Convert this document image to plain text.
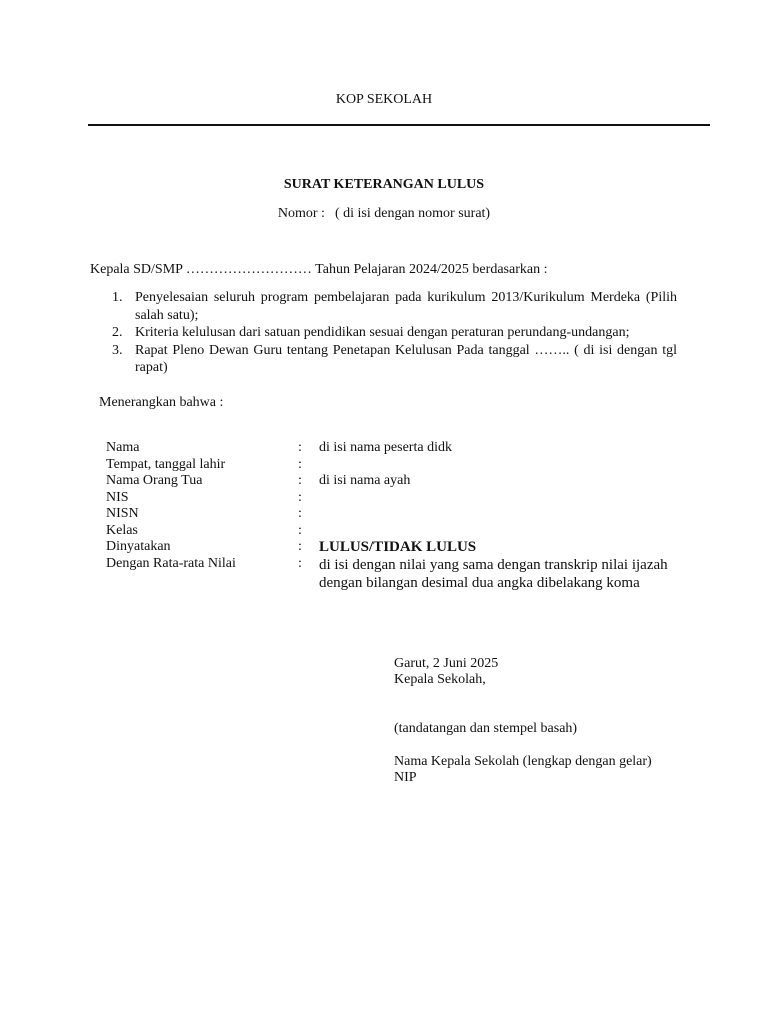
KOP SEKOLAH
SURAT KETERANGAN LULUS
Nomor : ( di isi dengan nomor surat)
Kepala SD/SMP ……………………… Tahun Pelajaran 2024/2025 berdasarkan :
1. Penyelesaian seluruh program pembelajaran pada kurikulum 2013/Kurikulum Merdeka (Pilih salah satu);
2. Kriteria kelulusan dari satuan pendidikan sesuai dengan peraturan perundang-undangan;
3. Rapat Pleno Dewan Guru tentang Penetapan Kelulusan Pada tanggal …….. ( di isi dengan tgl rapat)
Menerangkan bahwa :
Nama	: di isi nama peserta didk
Tempat, tanggal lahir	:
Nama Orang Tua	: di isi nama ayah
NIS	:
NISN	:
Kelas	:
Dinyatakan	: LULUS/TIDAK LULUS
Dengan Rata-rata Nilai	: di isi dengan nilai yang sama dengan transkrip nilai ijazah
dengan bilangan desimal dua angka dibelakang koma
Garut, 2 Juni 2025
Kepala Sekolah,
(tandatangan dan stempel basah)
Nama Kepala Sekolah (lengkap dengan gelar)
NIP
